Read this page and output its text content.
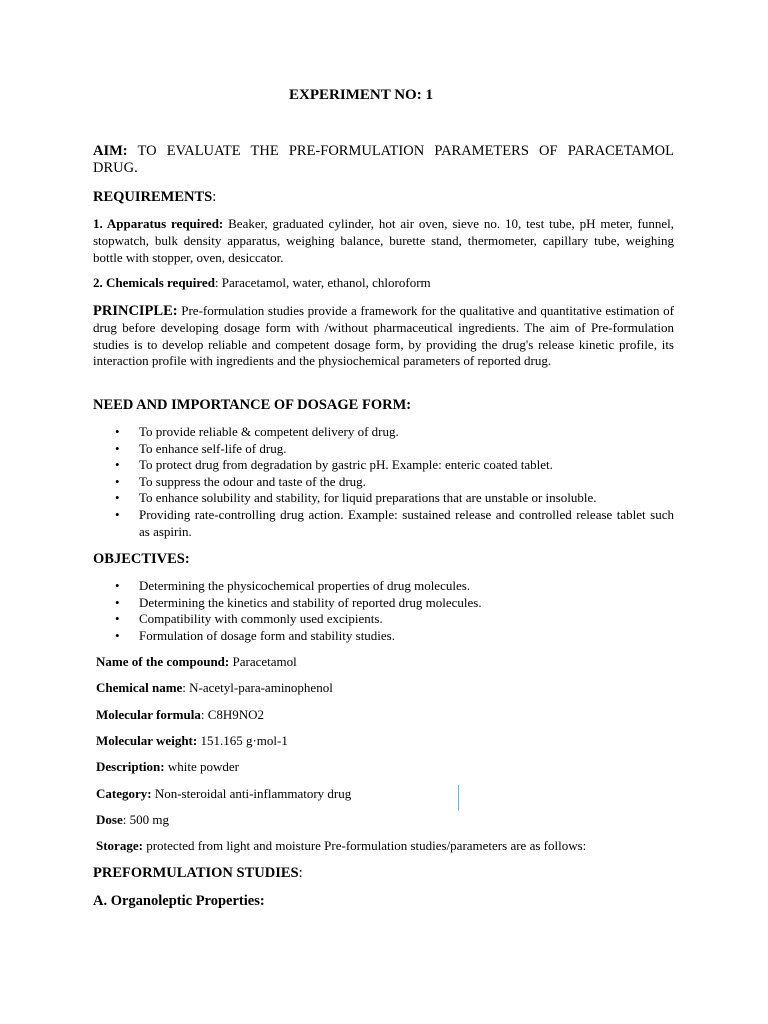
EXPERIMENT NO: 1
AIM: TO EVALUATE THE PRE-FORMULATION PARAMETERS OF PARACETAMOL DRUG.
REQUIREMENTS:
1. Apparatus required: Beaker, graduated cylinder, hot air oven, sieve no. 10, test tube, pH meter, funnel, stopwatch, bulk density apparatus, weighing balance, burette stand, thermometer, capillary tube, weighing bottle with stopper, oven, desiccator.
2. Chemicals required: Paracetamol, water, ethanol, chloroform
PRINCIPLE: Pre-formulation studies provide a framework for the qualitative and quantitative estimation of drug before developing dosage form with /without pharmaceutical ingredients. The aim of Pre-formulation studies is to develop reliable and competent dosage form, by providing the drug's release kinetic profile, its interaction profile with ingredients and the physiochemical parameters of reported drug.
NEED AND IMPORTANCE OF DOSAGE FORM:
• To provide reliable & competent delivery of drug.
• To enhance self-life of drug.
• To protect drug from degradation by gastric pH. Example: enteric coated tablet.
• To suppress the odour and taste of the drug.
• To enhance solubility and stability, for liquid preparations that are unstable or insoluble.
• Providing rate-controlling drug action. Example: sustained release and controlled release tablet such as aspirin.
OBJECTIVES:
• Determining the physicochemical properties of drug molecules.
• Determining the kinetics and stability of reported drug molecules.
• Compatibility with commonly used excipients.
• Formulation of dosage form and stability studies.
Name of the compound: Paracetamol
Chemical name: N-acetyl-para-aminophenol
Molecular formula: C8H9NO2
Molecular weight: 151.165 g·mol-1
Description: white powder
Category: Non-steroidal anti-inflammatory drug
Dose: 500 mg
Storage: protected from light and moisture Pre-formulation studies/parameters are as follows:
PREFORMULATION STUDIES:
A. Organoleptic Properties:
